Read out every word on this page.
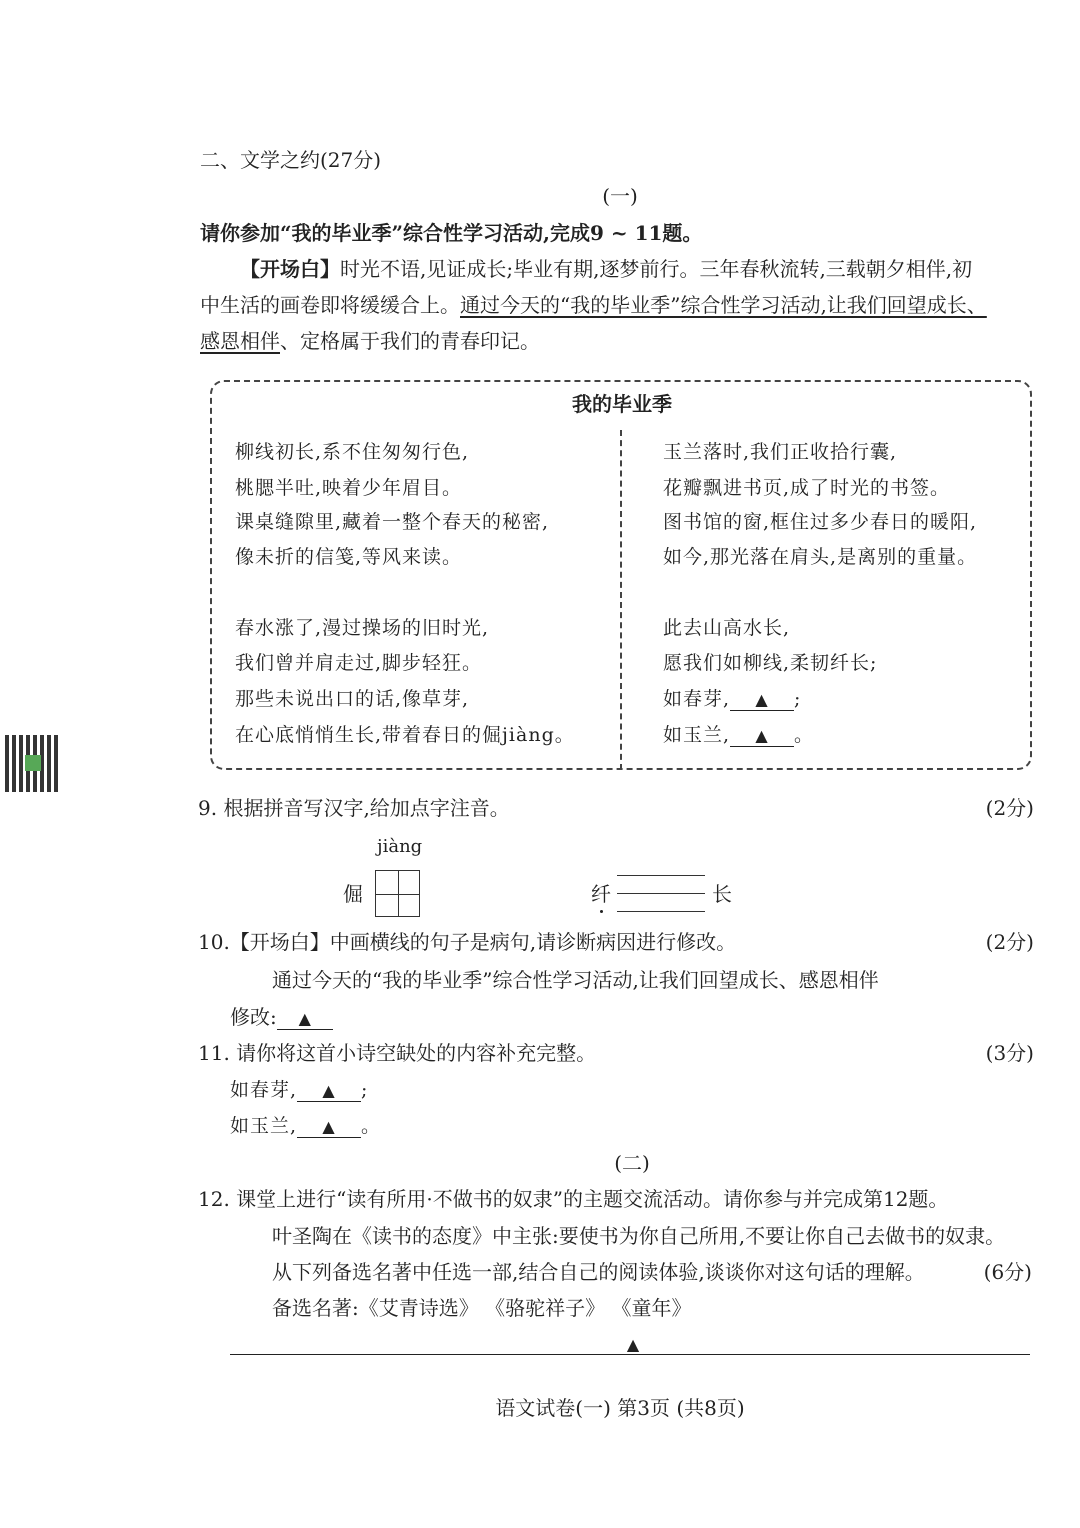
二、文学之约(27分)
(一)
请你参加“我的毕业季”综合性学习活动,完成9 ~ 11题。
【开场白】时光不语,见证成长;毕业有期,逐梦前行。三年春秋流转,三载朝夕相伴,初
中生活的画卷即将缓缓合上。通过今天的“我的毕业季”综合性学习活动,让我们回望成长、
感恩相伴、定格属于我们的青春印记。
我的毕业季
柳线初长,系不住匆匆行色,
桃腮半吐,映着少年眉目。
课桌缝隙里,藏着一整个春天的秘密,
像未折的信笺,等风来读。
春水涨了,漫过操场的旧时光,
我们曾并肩走过,脚步轻狂。
那些未说出口的话,像草芽,
在心底悄悄生长,带着春日的倔jiàng。
玉兰落时,我们正收拾行囊,
花瓣飘进书页,成了时光的书签。
图书馆的窗,框住过多少春日的暖阳,
如今,那光落在肩头,是离别的重量。
此去山高水长,
愿我们如柳线,柔韧纤长;
如春芽, ▲ ;
如玉兰, ▲ 。
9. 根据拼音写汉字,给加点字注音。	(2分)
jiàng
倔	纤	长
10.【开场白】中画横线的句子是病句,请诊断病因进行修改。	(2分)
通过今天的“我的毕业季”综合性学习活动,让我们回望成长、感恩相伴
修改: ▲
11. 请你将这首小诗空缺处的内容补充完整。	(3分)
如春芽, ▲ ;
如玉兰, ▲ 。
(二)
12. 课堂上进行“读有所用·不做书的奴隶”的主题交流活动。请你参与并完成第12题。
叶圣陶在《读书的态度》中主张:要使书为你自己所用,不要让你自己去做书的奴隶。
从下列备选名著中任选一部,结合自己的阅读体验,谈谈你对这句话的理解。	(6分)
备选名著:《艾青诗选》 《骆驼祥子》 《童年》
▲
语文试卷(一) 第3页 (共8页)
